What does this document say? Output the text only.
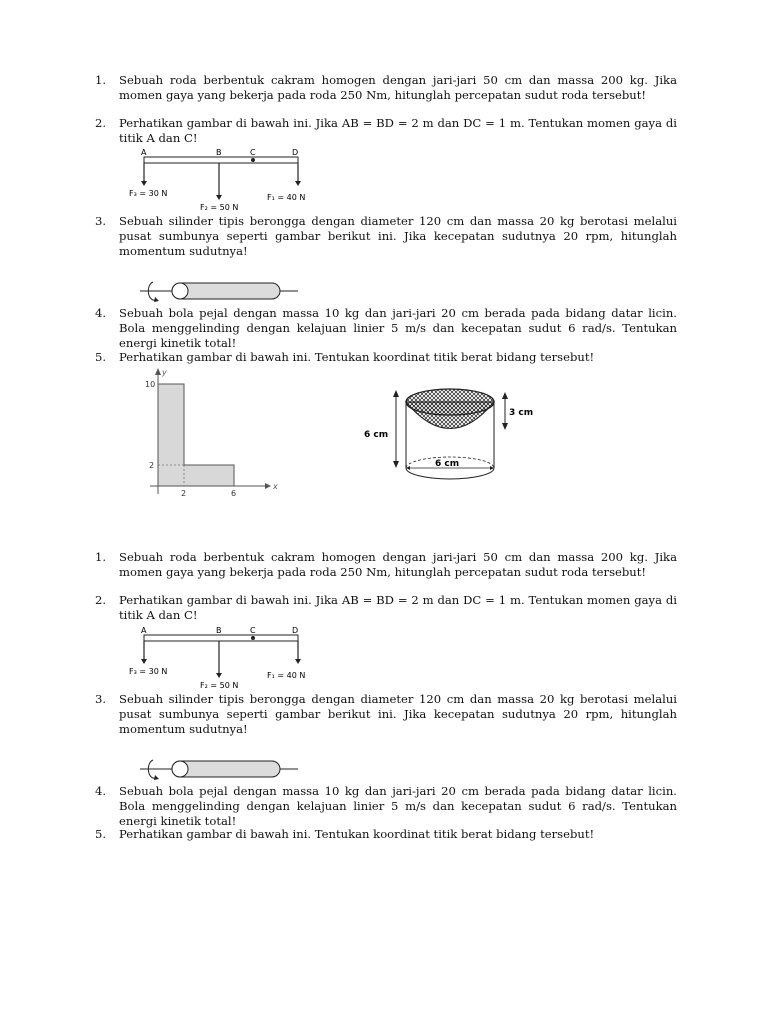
1. Sebuah roda berbentuk cakram homogen dengan jari-jari 50 cm dan massa 200 kg. Jika momen gaya yang bekerja pada roda 250 Nm, hitunglah percepatan sudut roda tersebut!
2. Perhatikan gambar di bawah ini. Jika AB = BD = 2 m dan DC = 1 m. Tentukan momen gaya di titik A dan C!
A	B	C	D
F₃ = 30 N
F₂ = 50 N
F₁ = 40 N
3. Sebuah silinder tipis berongga dengan diameter 120 cm dan massa 20 kg berotasi melalui pusat sumbunya seperti gambar berikut ini. Jika kecepatan sudutnya 20 rpm, hitunglah momentum sudutnya!
4. Sebuah bola pejal dengan massa 10 kg dan jari-jari 20 cm berada pada bidang datar licin. Bola menggelinding dengan kelajuan linier 5 m/s dan kecepatan sudut 6 rad/s. Tentukan energi kinetik total!
5. Perhatikan gambar di bawah ini. Tentukan koordinat titik berat bidang tersebut!
y
x
10
2
2	6
6 cm
6 cm
3 cm
1. Sebuah roda berbentuk cakram homogen dengan jari-jari 50 cm dan massa 200 kg. Jika momen gaya yang bekerja pada roda 250 Nm, hitunglah percepatan sudut roda tersebut!
2. Perhatikan gambar di bawah ini. Jika AB = BD = 2 m dan DC = 1 m. Tentukan momen gaya di titik A dan C!
A	B	C	D
F₃ = 30 N
F₂ = 50 N
F₁ = 40 N
3. Sebuah silinder tipis berongga dengan diameter 120 cm dan massa 20 kg berotasi melalui pusat sumbunya seperti gambar berikut ini. Jika kecepatan sudutnya 20 rpm, hitunglah momentum sudutnya!
4. Sebuah bola pejal dengan massa 10 kg dan jari-jari 20 cm berada pada bidang datar licin. Bola menggelinding dengan kelajuan linier 5 m/s dan kecepatan sudut 6 rad/s. Tentukan energi kinetik total!
5. Perhatikan gambar di bawah ini. Tentukan koordinat titik berat bidang tersebut!
